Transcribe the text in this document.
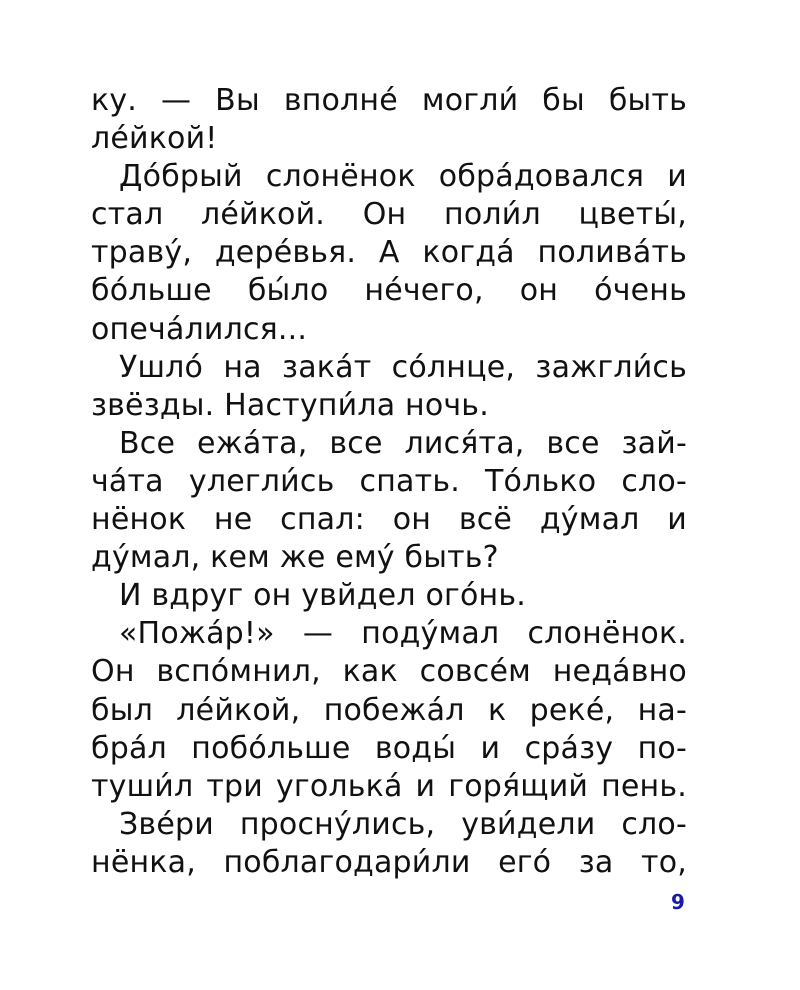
ку. — Вы вполне́ могли́ бы быть
ле́йкой!
До́брый слонёнок обра́довался и
стал ле́йкой. Он поли́л цветы́,
траву́, дере́вья. А когда́ полива́ть
бо́льше бы́ло не́чего, он о́чень
опеча́лился...
Ушло́ на зака́т со́лнце, зажгли́сь
звёзды. Наступи́ла ночь.
Все ежа́та, все лися́та, все зай-
ча́та улегли́сь спать. То́лько сло-
нёнок не спал: он всё ду́мал и
ду́мал, кем же ему́ быть?
И вдруг он увйдел ого́нь.
«Пожа́р!» — поду́мал слонёнок.
Он вспо́мнил, как совсе́м неда́вно
был ле́йкой, побежа́л к реке́, на-
бра́л побо́льше воды́ и сра́зу по-
туши́л три уголька́ и горя́щий пень.
Зве́ри просну́лись, уви́дели сло-
нёнка, поблагодари́ли его́ за то,
9
